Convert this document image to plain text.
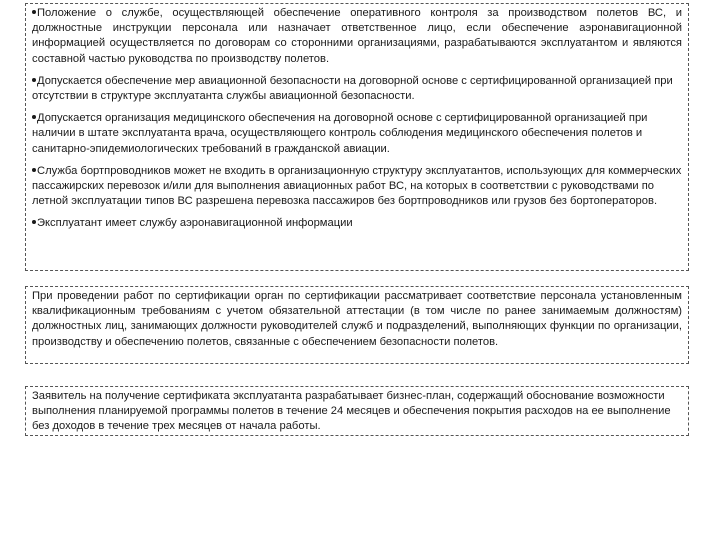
Положение о службе, осуществляющей обеспечение оперативного контроля за производством полетов ВС, и должностные инструкции персонала или назначает ответственное лицо, если обеспечение аэронавигационной информацией осуществляется по договорам со сторонними организациями, разрабатываются эксплуатантом и являются составной частью руководства по производству полетов.
Допускается обеспечение мер авиационной безопасности на договорной основе с сертифицированной организацией при отсутствии в структуре эксплуатанта службы авиационной безопасности.
Допускается организация медицинского обеспечения на договорной основе с сертифицированной организацией при наличии в штате эксплуатанта врача, осуществляющего контроль соблюдения медицинского обеспечения полетов и санитарно-эпидемиологических требований в гражданской авиации.
Служба бортпроводников может не входить в организационную структуру эксплуатантов, использующих для коммерческих пассажирских перевозок и/или для выполнения авиационных работ ВС, на которых в соответствии с руководствами по летной эксплуатации типов ВС разрешена перевозка пассажиров без бортпроводников или грузов без бортоператоров.
Эксплуатант имеет службу аэронавигационной информации
При проведении работ по сертификации орган по сертификации рассматривает соответствие персонала установленным квалификационным требованиям с учетом обязательной аттестации (в том числе по ранее занимаемым должностям) должностных лиц, занимающих должности руководителей служб и подразделений, выполняющих функции по организации, производству и обеспечению полетов, связанные с обеспечением безопасности полетов.
Заявитель на получение сертификата эксплуатанта разрабатывает бизнес-план, содержащий обоснование возможности выполнения планируемой программы полетов в течение 24 месяцев и обеспечения покрытия расходов на ее выполнение без доходов в течение трех месяцев от начала работы.
